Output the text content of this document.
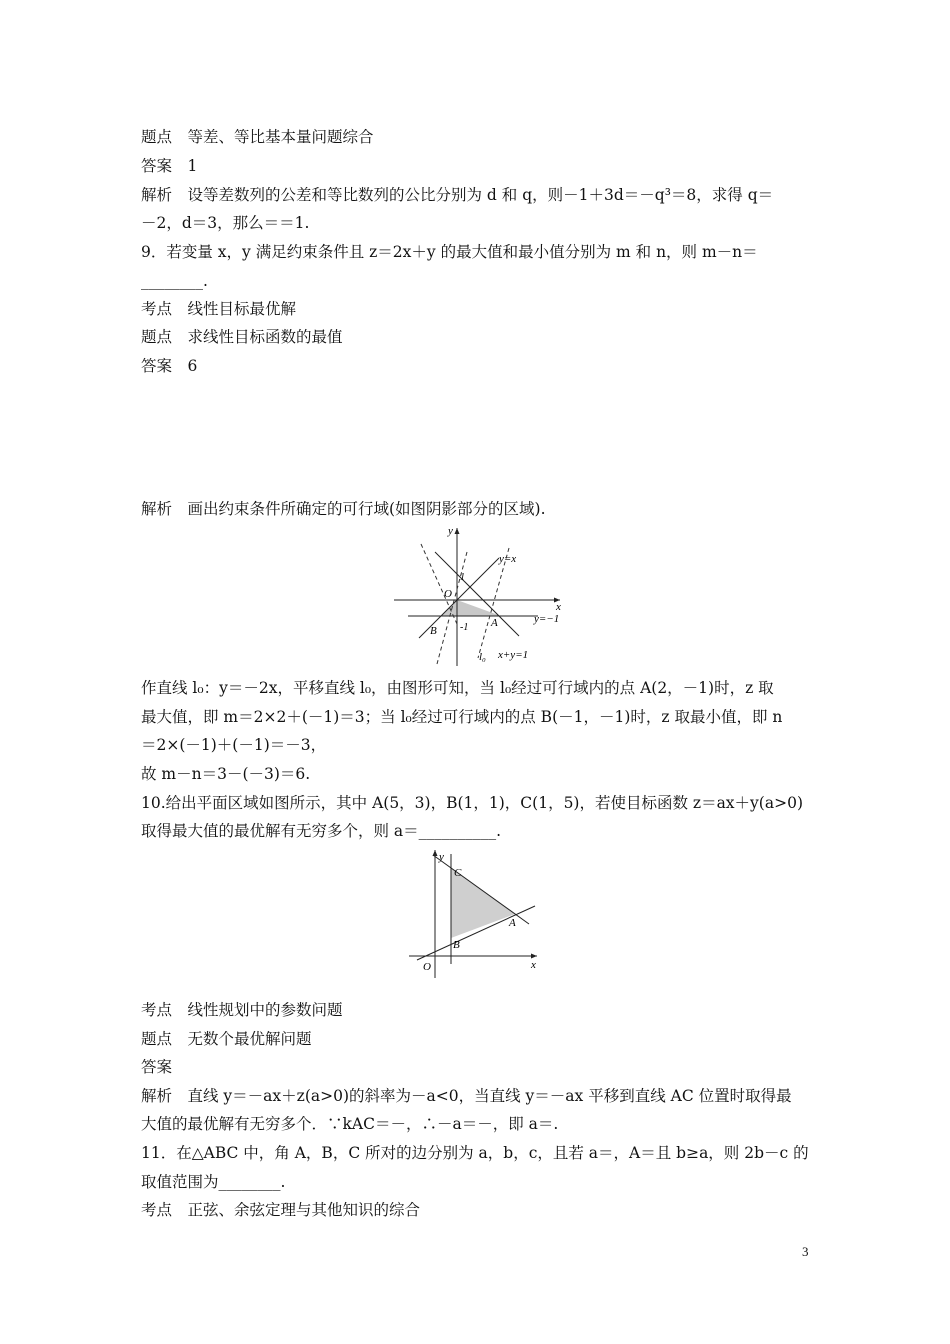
题点　等差、等比基本量问题综合
答案　1
解析　设等差数列的公差和等比数列的公比分别为 d 和 q，则－1＋3d＝－q³＝8，求得 q＝
－2，d＝3，那么＝＝1.
9．若变量 x，y 满足约束条件且 z＝2x＋y 的最大值和最小值分别为 m 和 n，则 m－n＝
________.
考点　线性目标最优解
题点　求线性目标函数的最值
答案　6
解析　画出约束条件所确定的可行域(如图阴影部分的区域).
y
y=x
1
O
x
-1 A
B
y=−1
l₀ x+y=1
作直线 l₀：y＝－2x，平移直线 l₀，由图形可知，当 l₀经过可行域内的点 A(2，－1)时，z 取
最大值，即 m＝2×2＋(－1)＝3；当 l₀经过可行域内的点 B(－1，－1)时，z 取最小值，即 n
＝2×(－1)＋(－1)＝－3，
故 m－n＝3－(－3)＝6.
10.给出平面区域如图所示，其中 A(5，3)，B(1，1)，C(1，5)，若使目标函数 z＝ax＋y(a>0)
取得最大值的最优解有无穷多个，则 a＝__________.
y
C
A
B
O	x
考点　线性规划中的参数问题
题点　无数个最优解问题
答案
解析　直线 y＝－ax＋z(a>0)的斜率为－a<0，当直线 y＝－ax 平移到直线 AC 位置时取得最
大值的最优解有无穷多个．∵kAC＝－，∴－a＝－，即 a＝.
11．在△ABC 中，角 A，B，C 所对的边分别为 a，b，c，且若 a＝，A＝且 b≥a，则 2b－c 的
取值范围为________.
考点　正弦、余弦定理与其他知识的综合
3
